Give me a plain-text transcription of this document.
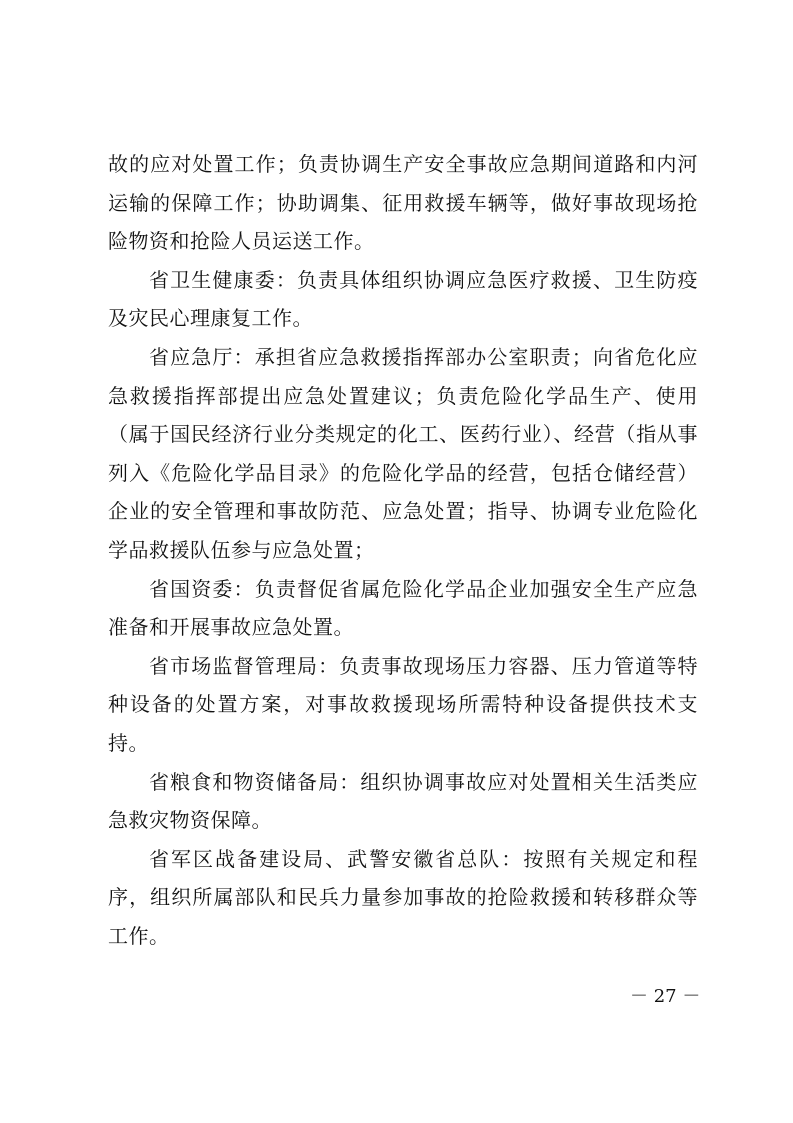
故的应对处置工作；负责协调生产安全事故应急期间道路和内河运输的保障工作；协助调集、征用救援车辆等，做好事故现场抢险物资和抢险人员运送工作。

省卫生健康委：负责具体组织协调应急医疗救援、卫生防疫及灾民心理康复工作。

省应急厅：承担省应急救援指挥部办公室职责；向省危化应急救援指挥部提出应急处置建议；负责危险化学品生产、使用（属于国民经济行业分类规定的化工、医药行业）、经营（指从事列入《危险化学品目录》的危险化学品的经营，包括仓储经营）企业的安全管理和事故防范、应急处置；指导、协调专业危险化学品救援队伍参与应急处置；

省国资委：负责督促省属危险化学品企业加强安全生产应急准备和开展事故应急处置。

省市场监督管理局：负责事故现场压力容器、压力管道等特种设备的处置方案，对事故救援现场所需特种设备提供技术支持。

省粮食和物资储备局：组织协调事故应对处置相关生活类应急救灾物资保障。

省军区战备建设局、武警安徽省总队：按照有关规定和程序，组织所属部队和民兵力量参加事故的抢险救援和转移群众等工作。

－ 27 －
